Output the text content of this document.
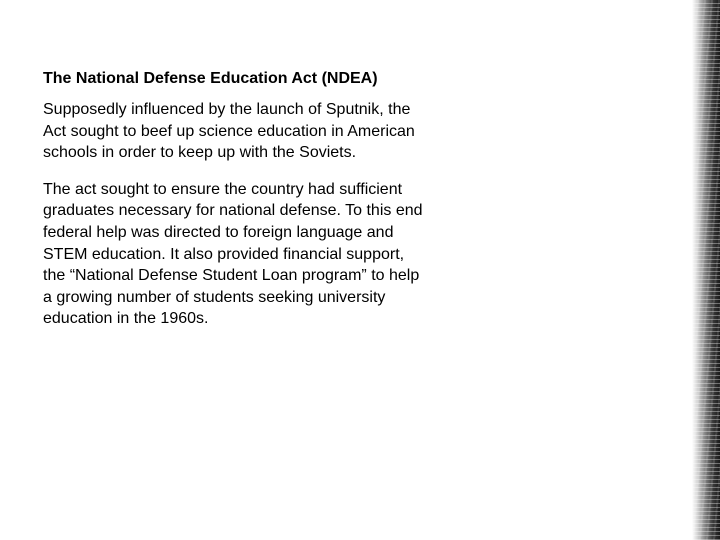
The National Defense Education Act (NDEA)
Supposedly influenced by the launch of Sputnik, the Act sought to beef up science education in American schools in order to keep up with the Soviets.
The act sought to ensure the country had sufficient graduates necessary for national defense. To this end federal help was directed to foreign language and STEM education. It also provided financial support, the “National Defense Student Loan program” to help a growing number of students seeking university education in the 1960s.
